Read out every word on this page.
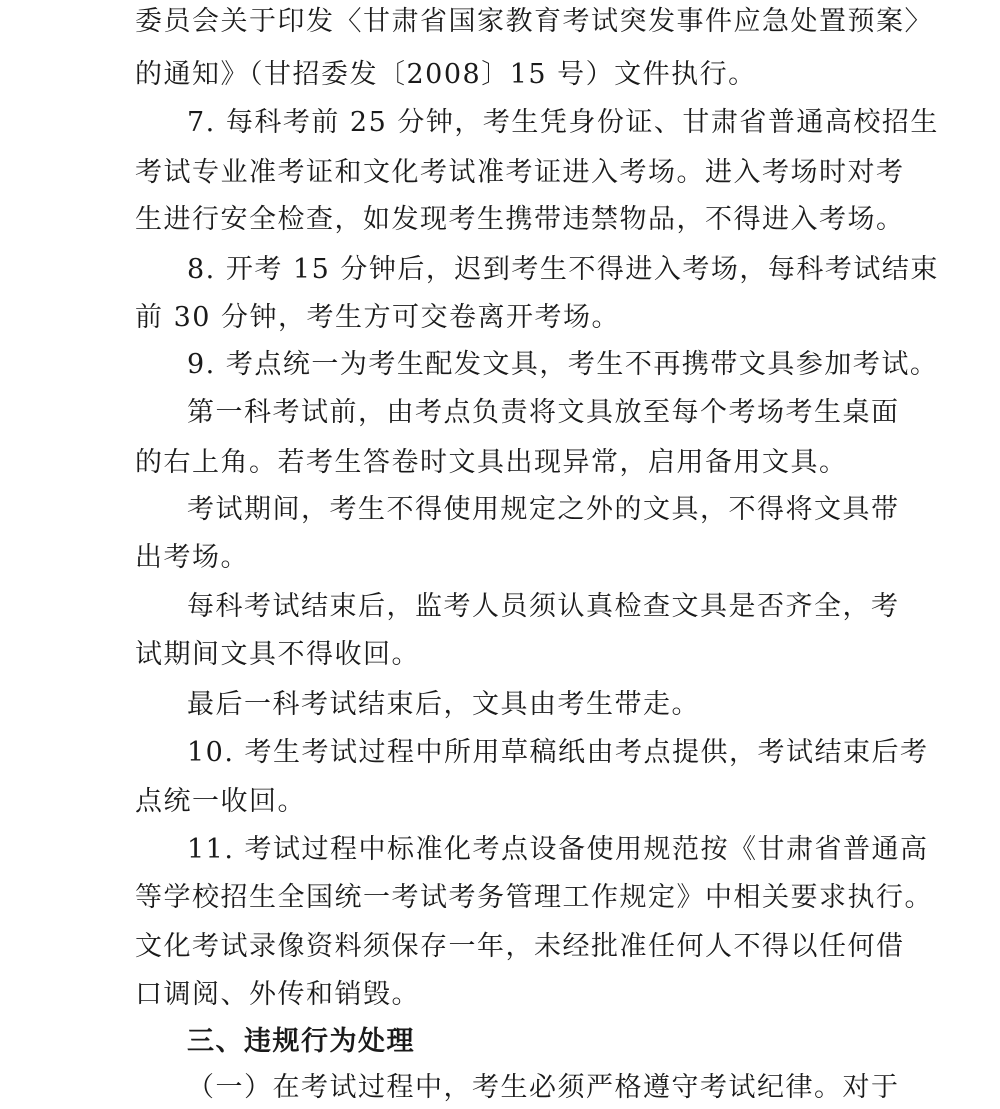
委员会关于印发〈甘肃省国家教育考试突发事件应急处置预案〉
的通知》（甘招委发〔2008〕15 号）文件执行。
7. 每科考前 25 分钟，考生凭身份证、甘肃省普通高校招生
考试专业准考证和文化考试准考证进入考场。进入考场时对考
生进行安全检查，如发现考生携带违禁物品，不得进入考场。
8. 开考 15 分钟后，迟到考生不得进入考场，每科考试结束
前 30 分钟，考生方可交卷离开考场。
9. 考点统一为考生配发文具，考生不再携带文具参加考试。
第一科考试前，由考点负责将文具放至每个考场考生桌面
的右上角。若考生答卷时文具出现异常，启用备用文具。
考试期间，考生不得使用规定之外的文具，不得将文具带
出考场。
每科考试结束后，监考人员须认真检查文具是否齐全，考
试期间文具不得收回。
最后一科考试结束后，文具由考生带走。
10. 考生考试过程中所用草稿纸由考点提供，考试结束后考
点统一收回。
11. 考试过程中标准化考点设备使用规范按《甘肃省普通高
等学校招生全国统一考试考务管理工作规定》中相关要求执行。
文化考试录像资料须保存一年，未经批准任何人不得以任何借
口调阅、外传和销毁。
三、违规行为处理
（一）在考试过程中，考生必须严格遵守考试纪律。对于
